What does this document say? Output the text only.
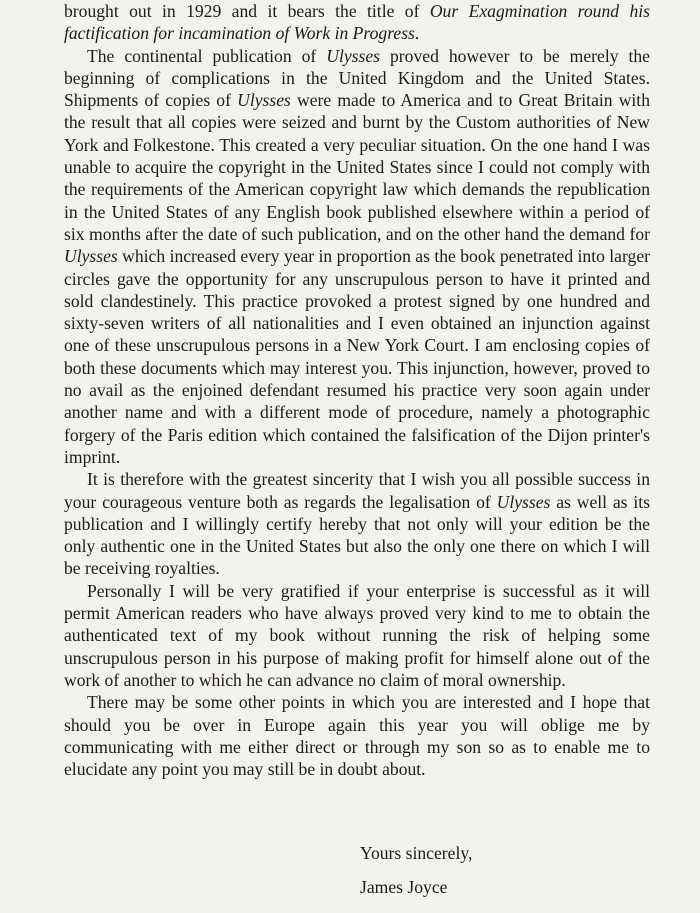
brought out in 1929 and it bears the title of Our Exagmination round his factification for incamination of Work in Progress.

The continental publication of Ulysses proved however to be merely the beginning of complications in the United Kingdom and the United States. Shipments of copies of Ulysses were made to America and to Great Britain with the result that all copies were seized and burnt by the Custom authorities of New York and Folkestone. This created a very peculiar situation. On the one hand I was unable to acquire the copyright in the United States since I could not comply with the requirements of the American copyright law which demands the republication in the United States of any English book published elsewhere within a period of six months after the date of such publication, and on the other hand the demand for Ulysses which increased every year in proportion as the book penetrated into larger circles gave the opportunity for any unscrupulous person to have it printed and sold clandestinely. This practice provoked a protest signed by one hundred and sixty-seven writers of all nationalities and I even obtained an injunction against one of these unscrupulous persons in a New York Court. I am enclosing copies of both these documents which may interest you. This injunction, however, proved to no avail as the enjoined defendant resumed his practice very soon again under another name and with a different mode of procedure, namely a photographic forgery of the Paris edition which contained the falsification of the Dijon printer's imprint.

It is therefore with the greatest sincerity that I wish you all possible success in your courageous venture both as regards the legalisation of Ulysses as well as its publication and I willingly certify hereby that not only will your edition be the only authentic one in the United States but also the only one there on which I will be receiving royalties.

Personally I will be very gratified if your enterprise is successful as it will permit American readers who have always proved very kind to me to obtain the authenticated text of my book without running the risk of helping some unscrupulous person in his purpose of making profit for himself alone out of the work of another to which he can advance no claim of moral ownership.

There may be some other points in which you are interested and I hope that should you be over in Europe again this year you will oblige me by communicating with me either direct or through my son so as to enable me to elucidate any point you may still be in doubt about.

Yours sincerely,
James Joyce
